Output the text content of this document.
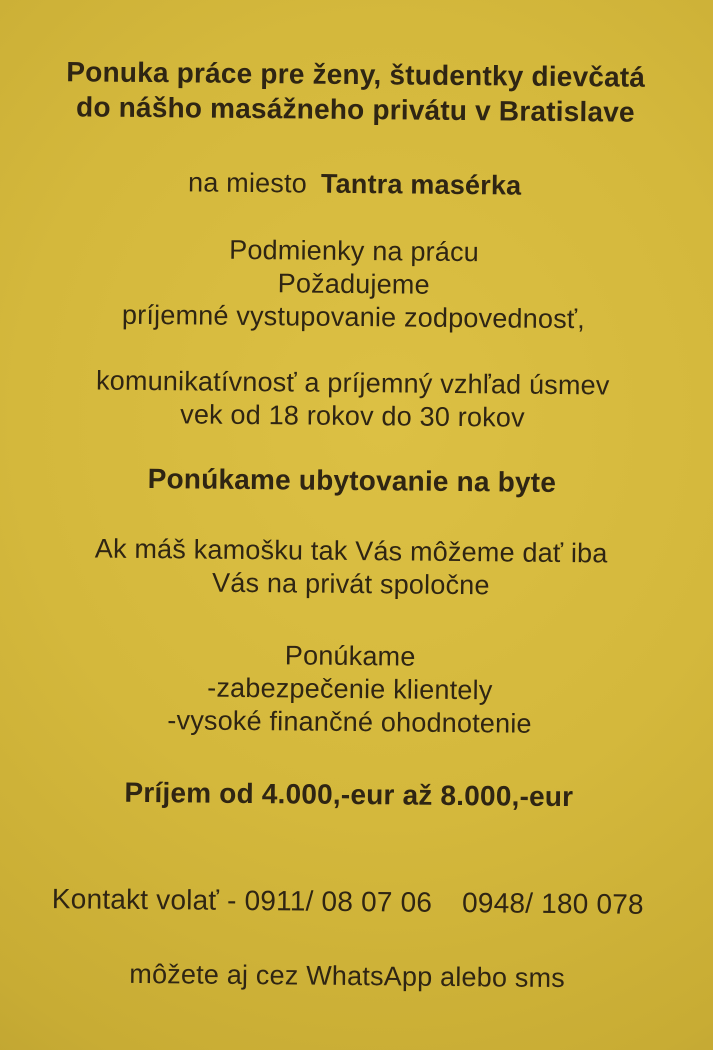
Ponuka práce pre ženy, študentky dievčatá
do nášho masážneho privátu v Bratislave
na miesto Tantra masérka
Podmienky na prácu
Požadujeme
príjemné vystupovanie zodpovednosť,
komunikatívnosť a príjemný vzhľad úsmev
vek od 18 rokov do 30 rokov
Ponúkame ubytovanie na byte
Ak máš kamošku tak Vás môžeme dať iba
Vás na privát spoločne
Ponúkame
-zabezpečenie klientely
-vysoké finančné ohodnotenie
Príjem od 4.000,-eur až 8.000,-eur
Kontakt volať - 0911/ 08 07 06 0948/ 180 078
môžete aj cez WhatsApp alebo sms
